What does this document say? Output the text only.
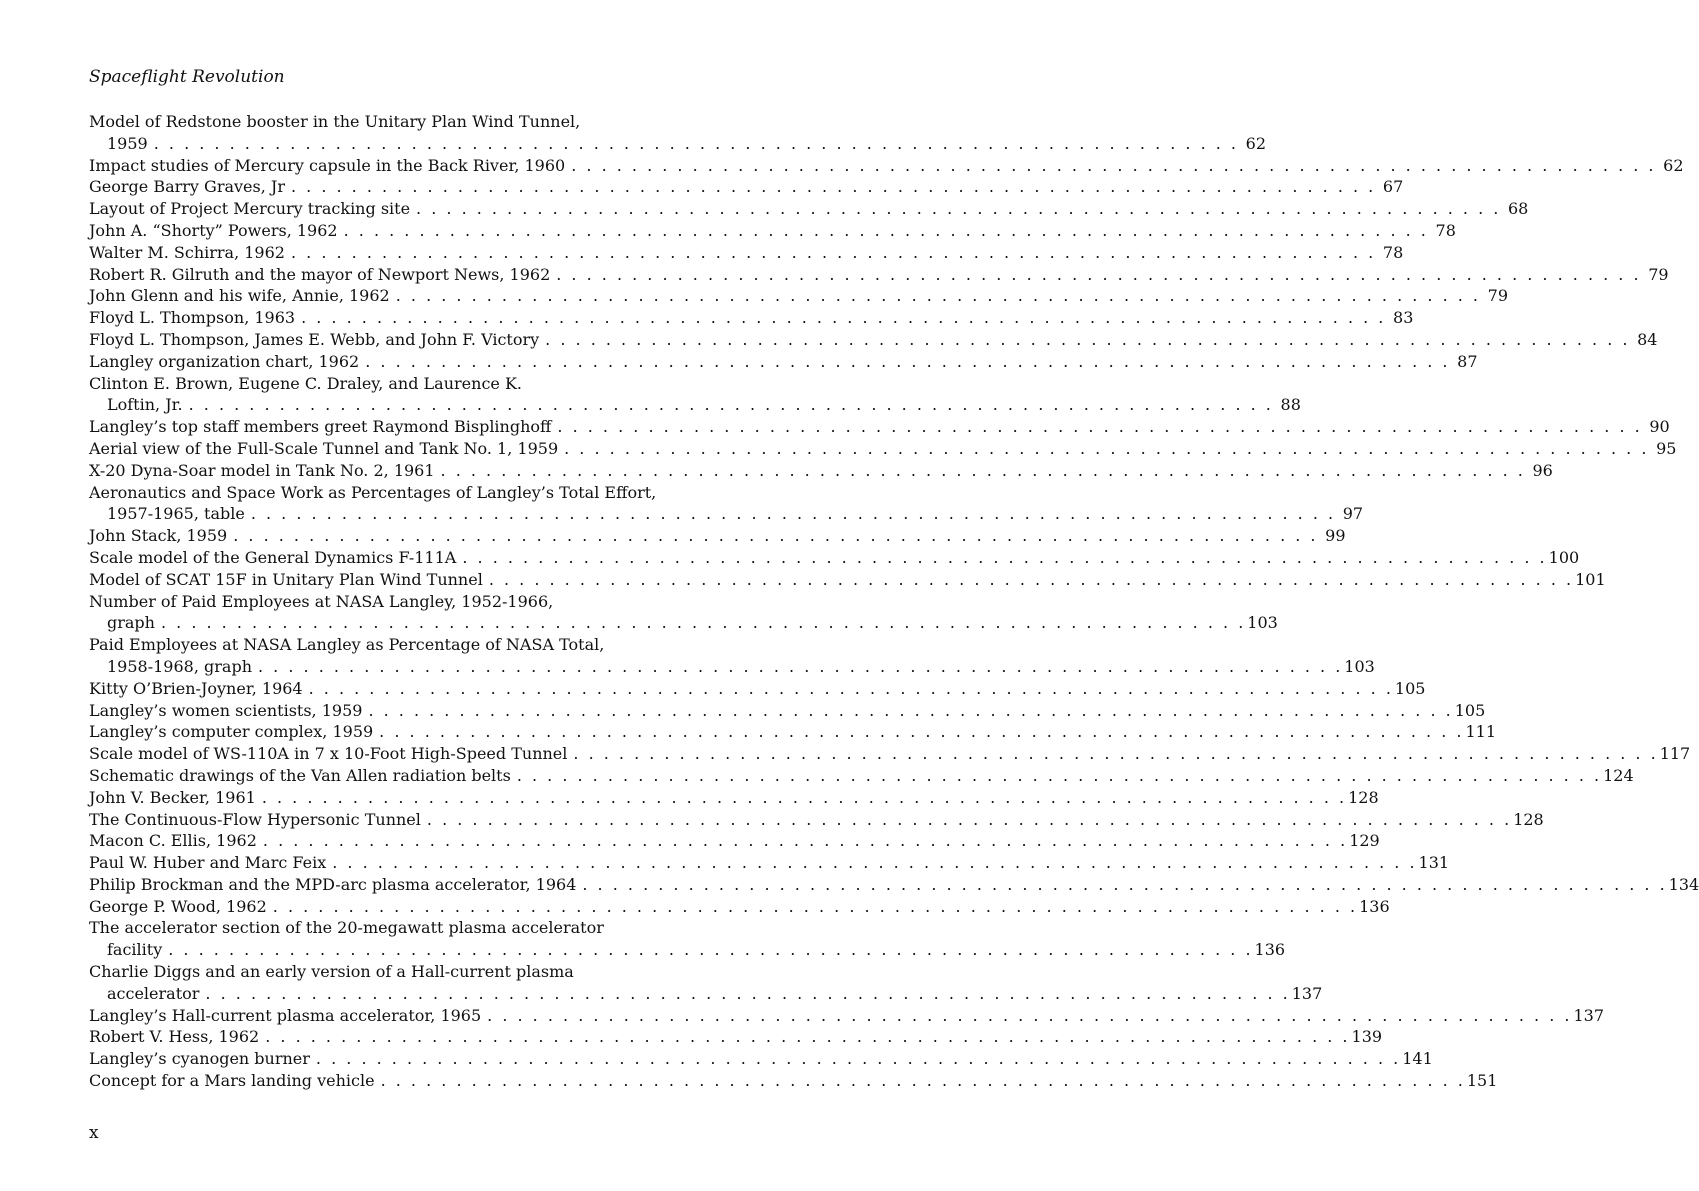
Spaceflight Revolution
Model of Redstone booster in the Unitary Plan Wind Tunnel,
1959 . . .	62
Impact studies of Mercury capsule in the Back River, 1960 . . .	62
George Barry Graves, Jr . . .	67
Layout of Project Mercury tracking site . . .	68
John A. “Shorty” Powers, 1962 . . .	78
Walter M. Schirra, 1962 . . .	78
Robert R. Gilruth and the mayor of Newport News, 1962 . . .	79
John Glenn and his wife, Annie, 1962 . . .	79
Floyd L. Thompson, 1963 . . .	83
Floyd L. Thompson, James E. Webb, and John F. Victory . . .	84
Langley organization chart, 1962 . . .	87
Clinton E. Brown, Eugene C. Draley, and Laurence K.
Loftin, Jr. . . .	88
Langley’s top staff members greet Raymond Bisplinghoff . . .	90
Aerial view of the Full-Scale Tunnel and Tank No. 1, 1959 . . .	95
X-20 Dyna-Soar model in Tank No. 2, 1961 . . .	96
Aeronautics and Space Work as Percentages of Langley’s Total Effort,
1957-1965, table . . .	97
John Stack, 1959 . . .	99
Scale model of the General Dynamics F-111A . . .	100
Model of SCAT 15F in Unitary Plan Wind Tunnel . . .	101
Number of Paid Employees at NASA Langley, 1952-1966,
graph . . .	103
Paid Employees at NASA Langley as Percentage of NASA Total,
1958-1968, graph . . .	103
Kitty O’Brien-Joyner, 1964 . . .	105
Langley’s women scientists, 1959 . . .	105
Langley’s computer complex, 1959 . . .	111
Scale model of WS-110A in 7 x 10-Foot High-Speed Tunnel . . .	117
Schematic drawings of the Van Allen radiation belts . . .	124
John V. Becker, 1961 . . .	128
The Continuous-Flow Hypersonic Tunnel . . .	128
Macon C. Ellis, 1962 . . .	129
Paul W. Huber and Marc Feix . . .	131
Philip Brockman and the MPD-arc plasma accelerator, 1964 . . .	134
George P. Wood, 1962 . . .	136
The accelerator section of the 20-megawatt plasma accelerator
facility . . .	136
Charlie Diggs and an early version of a Hall-current plasma
accelerator . . .	137
Langley’s Hall-current plasma accelerator, 1965 . . .	137
Robert V. Hess, 1962 . . .	139
Langley’s cyanogen burner . . .	141
Concept for a Mars landing vehicle . . .	151
x
